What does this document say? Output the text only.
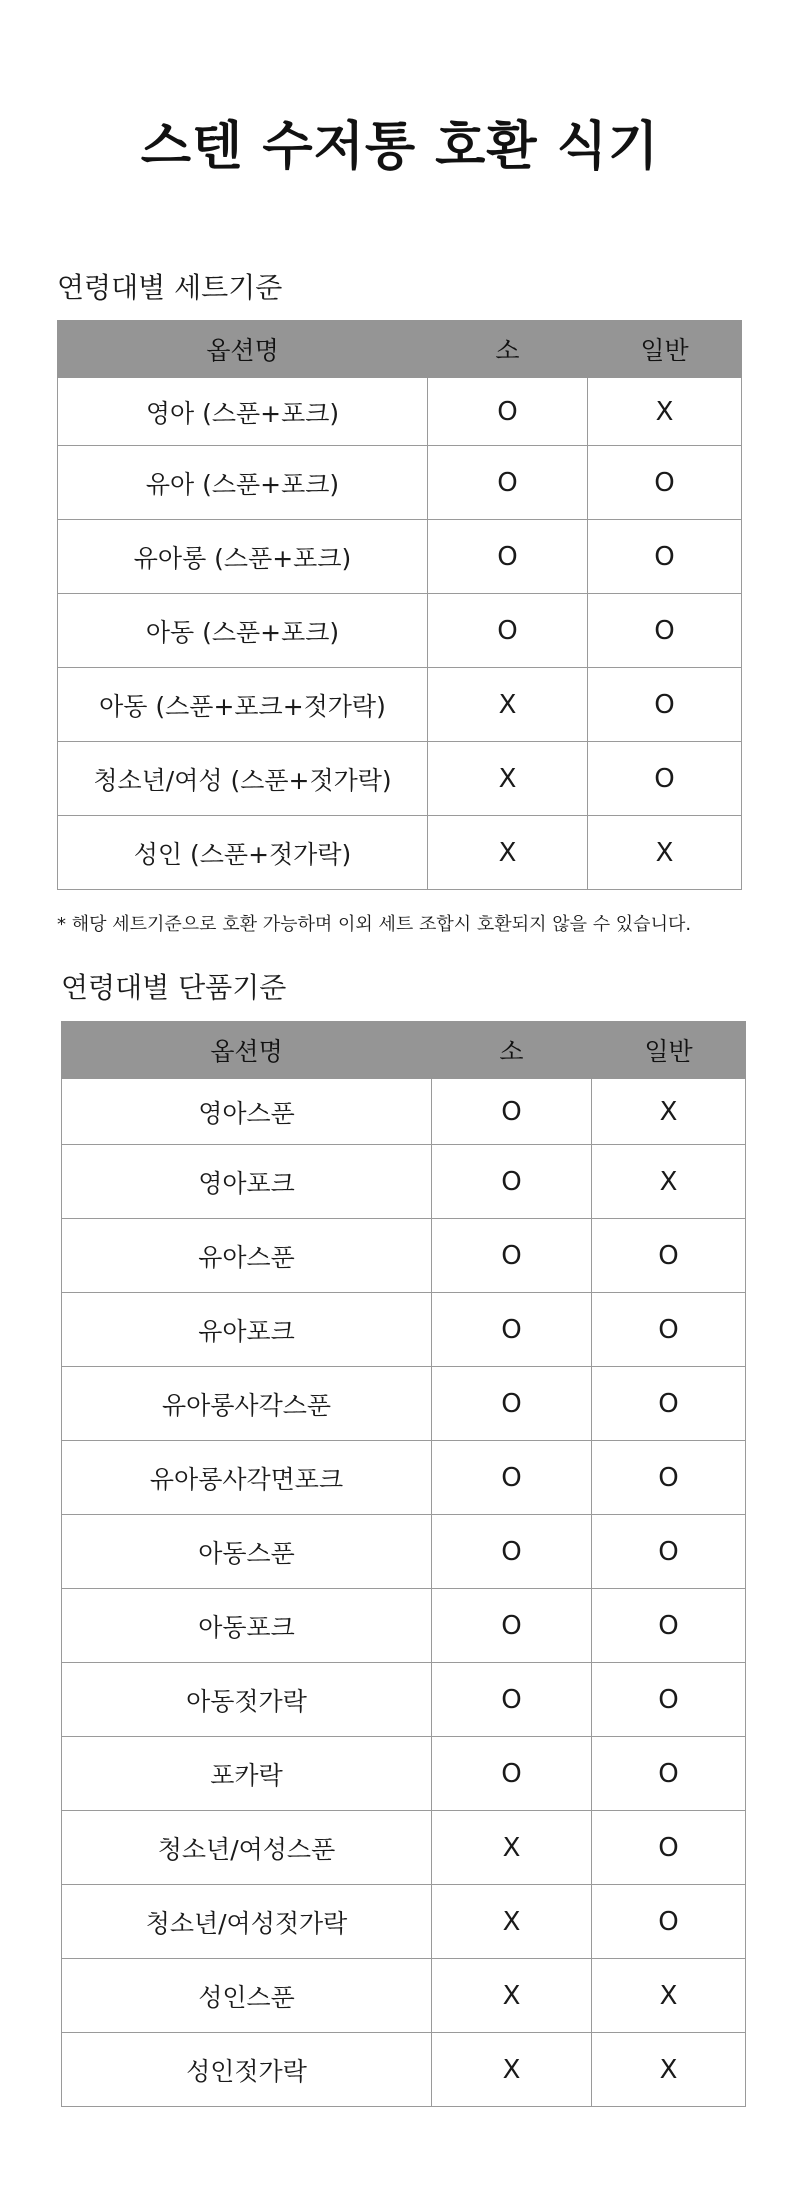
스텐 수저통 호환 식기
연령대별 세트기준
옵션명	소	일반
영아 (스푼+포크)	O	X
유아 (스푼+포크)	O	O
유아롱 (스푼+포크)	O	O
아동 (스푼+포크)	O	O
아동 (스푼+포크+젓가락)	X	O
청소년/여성 (스푼+젓가락)	X	O
성인 (스푼+젓가락)	X	X
* 해당 세트기준으로 호환 가능하며 이외 세트 조합시 호환되지 않을 수 있습니다.
연령대별 단품기준
옵션명	소	일반
영아스푼	O	X
영아포크	O	X
유아스푼	O	O
유아포크	O	O
유아롱사각스푼	O	O
유아롱사각면포크	O	O
아동스푼	O	O
아동포크	O	O
아동젓가락	O	O
포카락	O	O
청소년/여성스푼	X	O
청소년/여성젓가락	X	O
성인스푼	X	X
성인젓가락	X	X
